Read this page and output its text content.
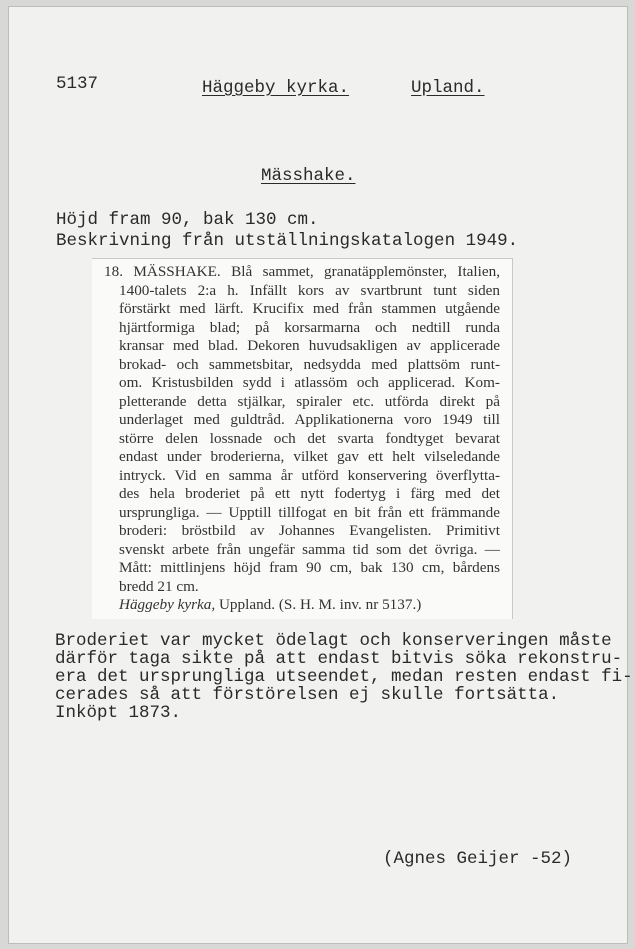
5137	Häggeby kyrka.	Upland.
Mässhake.
Höjd fram 90, bak 130 cm.
Beskrivning från utställningskatalogen 1949.
bredd 21 cm.
Mått: mittlinjens höjd fram 90 cm, bak 130 cm, bårdens
svenskt arbete från ungefär samma tid som det övriga. —
broderi: bröstbild av Johannes Evangelisten. Primitivt
ursprungliga. — Upptill tillfogat en bit från ett främmande
des hela broderiet på ett nytt fodertyg i färg med det
intryck. Vid en samma år utförd konservering överflytta-
endast under broderierna, vilket gav ett helt vilseledande
större delen lossnade och det svarta fondtyget bevarat
underlaget med guldtråd. Applikationerna voro 1949 till
pletterande detta stjälkar, spiraler etc. utförda direkt på
om. Kristusbilden sydd i atlassöm och applicerad. Kom-
brokad- och sammetsbitar, nedsydda med plattsöm runt-
kransar med blad. Dekoren huvudsakligen av applicerade
hjärtformiga blad; på korsarmarna och nedtill runda
förstärkt med lärft. Krucifix med från stammen utgående
1400-talets 2:a h. Infällt kors av svartbrunt tunt siden
18. MÄSSHAKE. Blå sammet, granatäpplemönster, Italien,
Häggeby kyrka, Uppland. (S. H. M. inv. nr 5137.)
Broderiet var mycket ödelagt och konserveringen måste
därför taga sikte på att endast bitvis söka rekonstru-
era det ursprungliga utseendet, medan resten endast fi-
cerades så att förstörelsen ej skulle fortsätta.
Inköpt 1873.
(Agnes Geijer -52)
